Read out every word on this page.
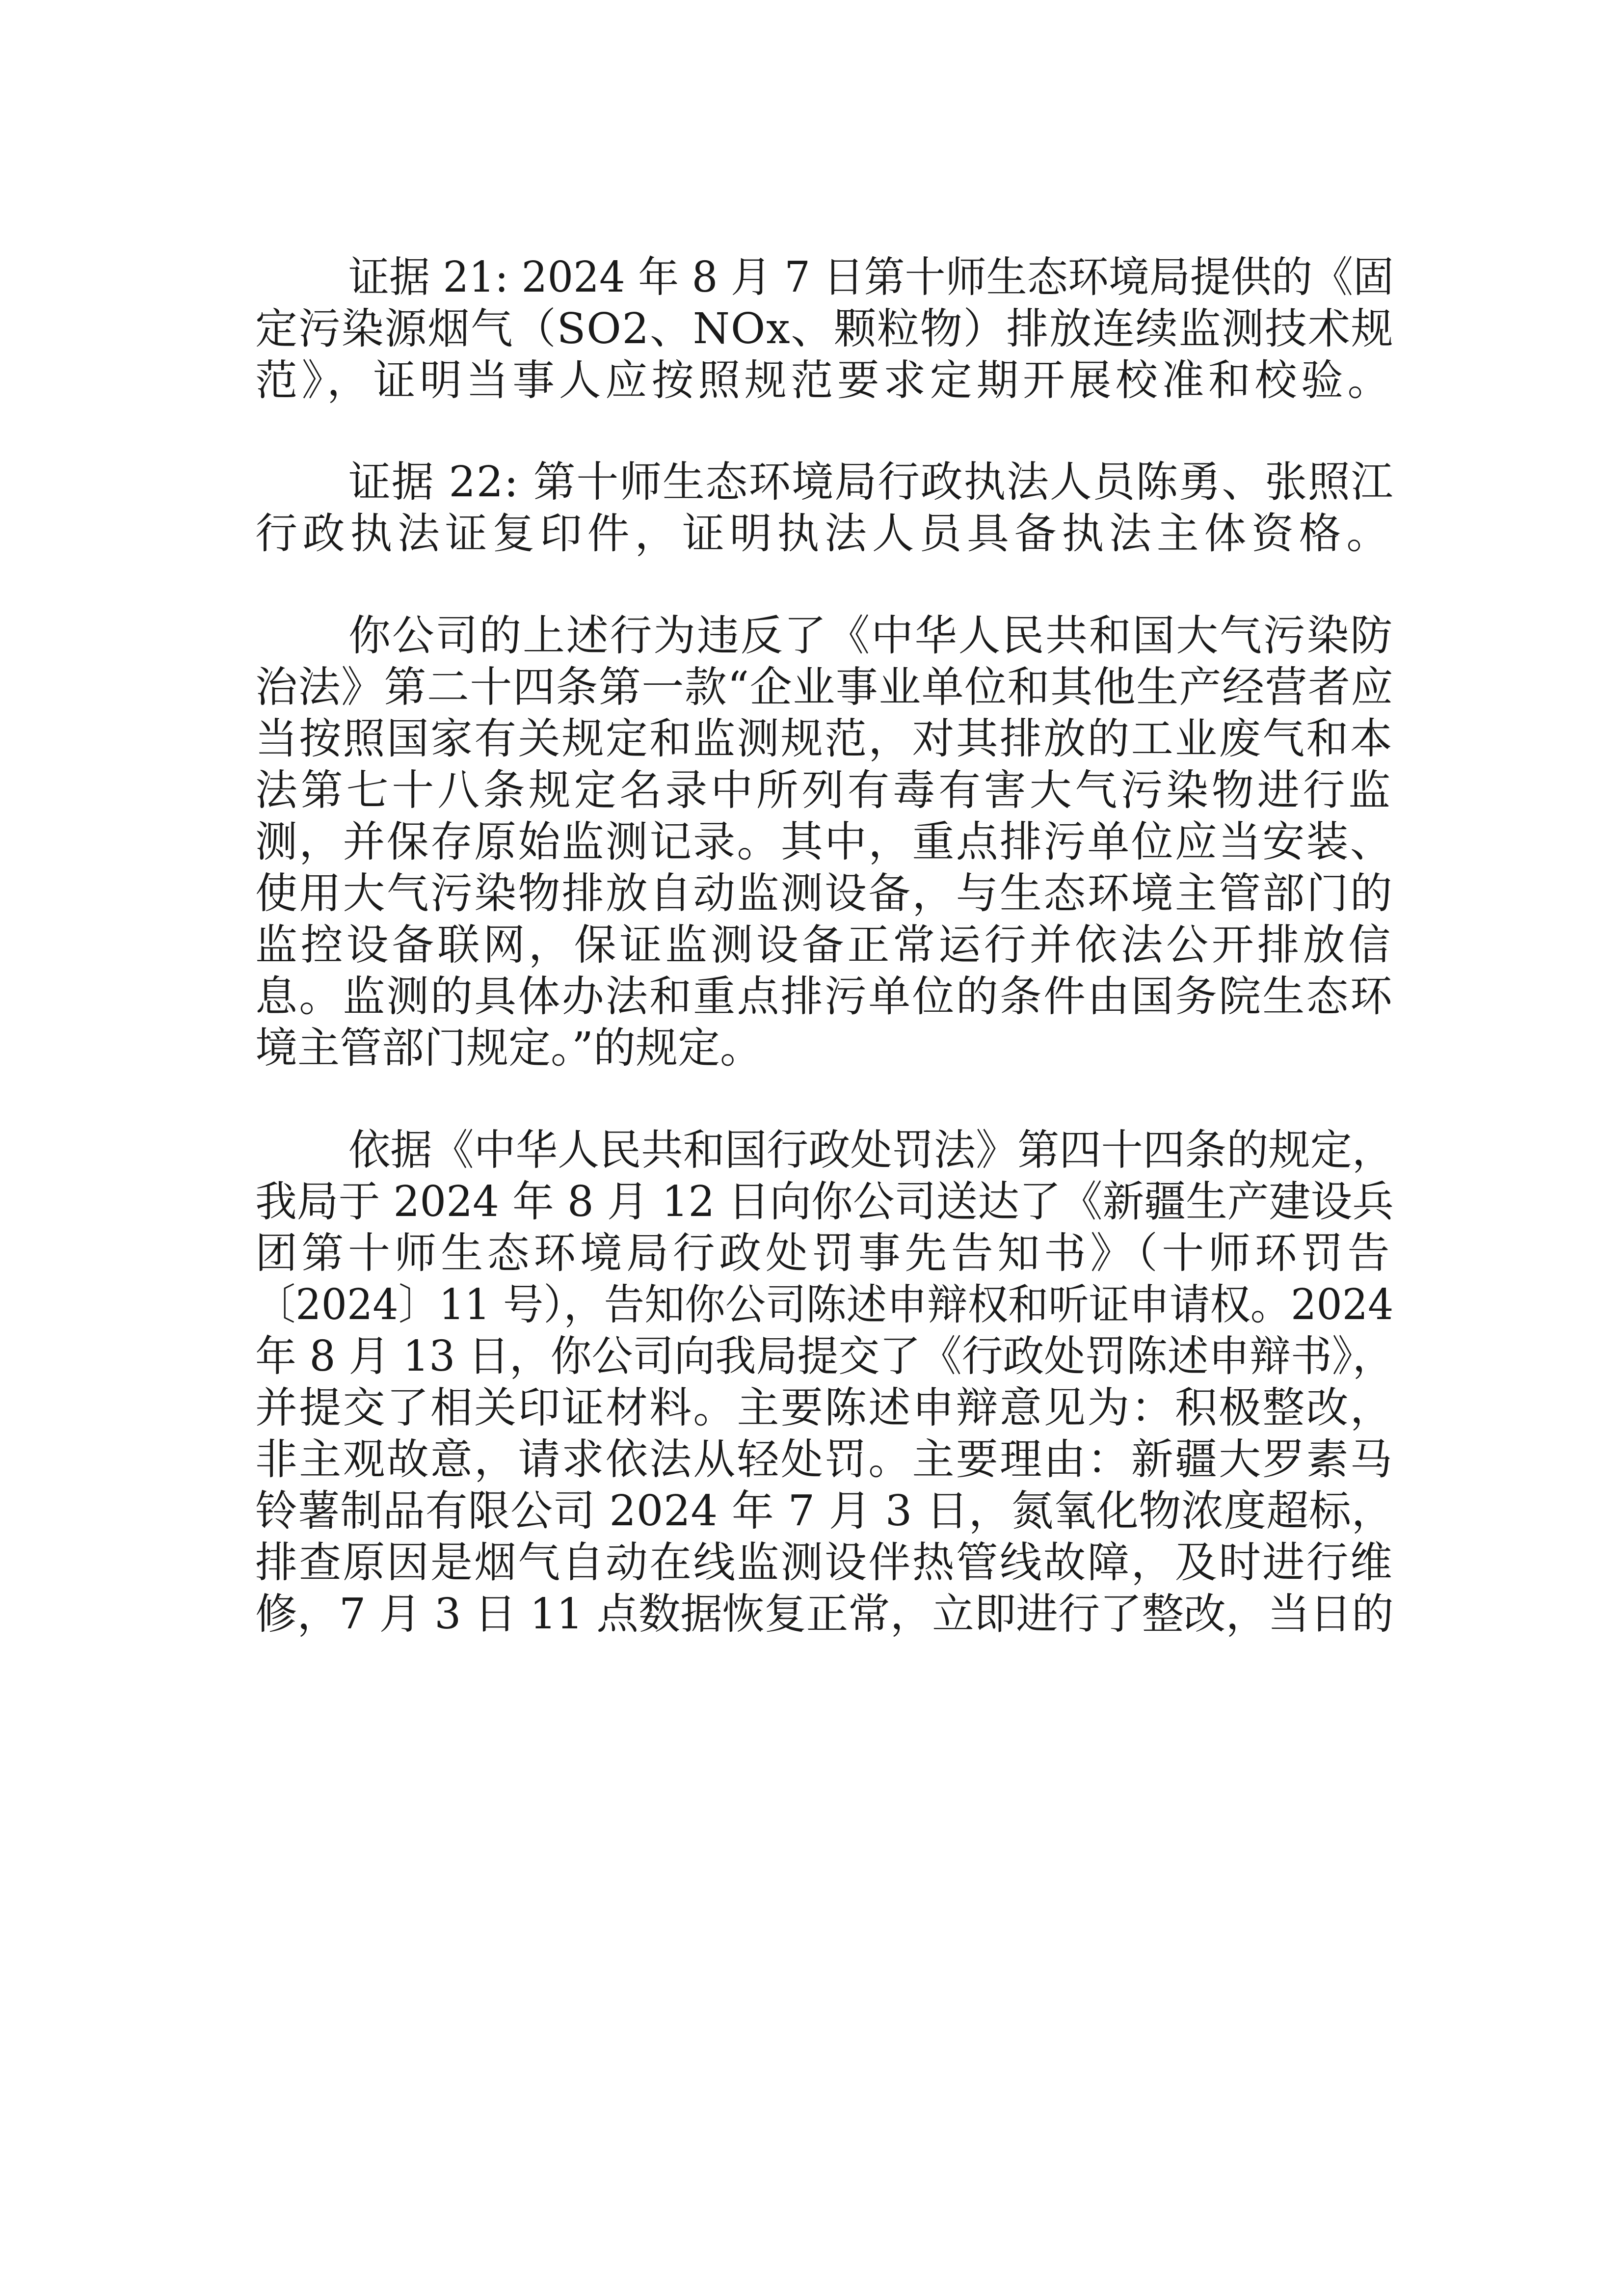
证据 21: 2024 年 8 月 7 日第十师生态环境局提供的《固
定污染源烟气（SO2、NOx、颗粒物）排放连续监测技术规
范》，证明当事人应按照规范要求定期开展校准和校验。
证据 22: 第十师生态环境局行政执法人员陈勇、张照江
行政执法证复印件，证明执法人员具备执法主体资格。
你公司的上述行为违反了《中华人民共和国大气污染防
治法》第二十四条第一款“企业事业单位和其他生产经营者应
当按照国家有关规定和监测规范，对其排放的工业废气和本
法第七十八条规定名录中所列有毒有害大气污染物进行监
测，并保存原始监测记录。其中，重点排污单位应当安装、
使用大气污染物排放自动监测设备，与生态环境主管部门的
监控设备联网，保证监测设备正常运行并依法公开排放信
息。监测的具体办法和重点排污单位的条件由国务院生态环
境主管部门规定。”的规定。
依据《中华人民共和国行政处罚法》第四十四条的规定，
我局于 2024 年 8 月 12 日向你公司送达了《新疆生产建设兵
团第十师生态环境局行政处罚事先告知书》（十师环罚告
〔2024〕11 号），告知你公司陈述申辩权和听证申请权。2024
年 8 月 13 日，你公司向我局提交了《行政处罚陈述申辩书》，
并提交了相关印证材料。主要陈述申辩意见为：积极整改，
非主观故意，请求依法从轻处罚。主要理由：新疆大罗素马
铃薯制品有限公司 2024 年 7 月 3 日，氮氧化物浓度超标，
排查原因是烟气自动在线监测设伴热管线故障，及时进行维
修，7 月 3 日 11 点数据恢复正常，立即进行了整改，当日的
